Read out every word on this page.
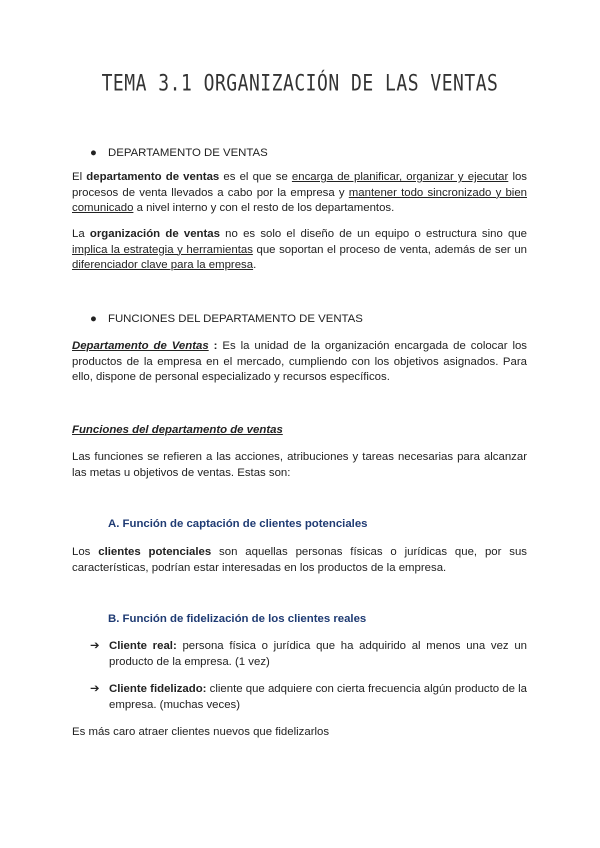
TEMA 3.1 ORGANIZACIÓN DE LAS VENTAS
● DEPARTAMENTO DE VENTAS
El departamento de ventas es el que se encarga de planificar, organizar y ejecutar los procesos de venta llevados a cabo por la empresa y mantener todo sincronizado y bien comunicado a nivel interno y con el resto de los departamentos.
La organización de ventas no es solo el diseño de un equipo o estructura sino que implica la estrategia y herramientas que soportan el proceso de venta, además de ser un diferenciador clave para la empresa.
● FUNCIONES DEL DEPARTAMENTO DE VENTAS
Departamento de Ventas : Es la unidad de la organización encargada de colocar los productos de la empresa en el mercado, cumpliendo con los objetivos asignados. Para ello, dispone de personal especializado y recursos específicos.
Funciones del departamento de ventas
Las funciones se refieren a las acciones, atribuciones y tareas necesarias para alcanzar las metas u objetivos de ventas. Estas son:
A. Función de captación de clientes potenciales
Los clientes potenciales son aquellas personas físicas o jurídicas que, por sus características, podrían estar interesadas en los productos de la empresa.
B. Función de fidelización de los clientes reales
➔ Cliente real: persona física o jurídica que ha adquirido al menos una vez un producto de la empresa. (1 vez)
➔ Cliente fidelizado: cliente que adquiere con cierta frecuencia algún producto de la empresa. (muchas veces)
Es más caro atraer clientes nuevos que fidelizarlos
